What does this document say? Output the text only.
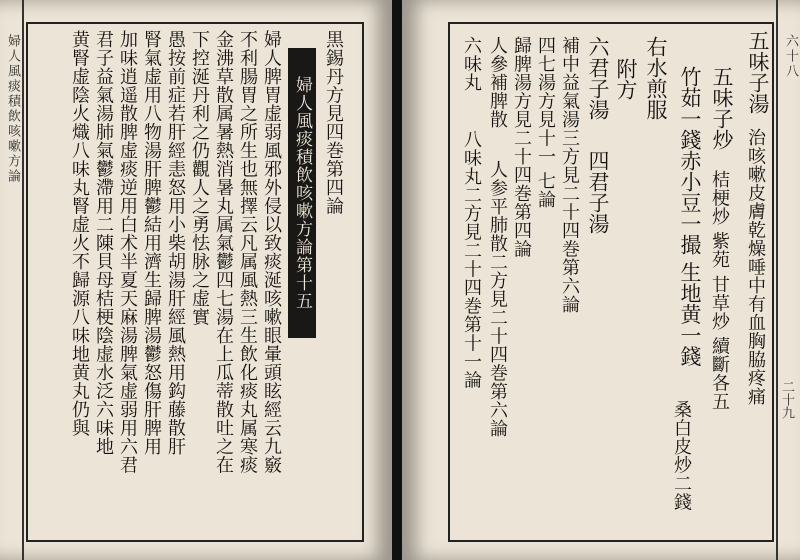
婦人風痰積飲咳嗽方論	黒錫丹方見四巻第四論
婦人風痰積飲咳嗽方論第十五
婦人脾胃虚弱風邪外侵以致痰涎咳嗽眼暈頭眩經云九竅
不利腸胃之所生也無擇云凡属風熱三生飲化痰丸属寒痰
金沸草散属暑熱消暑丸属氣鬱四七湯在上瓜蒂散吐之在
下控涎丹利之仍觀人之勇怯脉之虚實
愚按前症若肝經恚怒用小柴胡湯肝經風熱用鈎藤散肝
腎氣虚用八物湯肝脾鬱結用濟生歸脾湯鬱怒傷肝脾用
加味逍遥散脾虚痰逆用白术半夏天麻湯脾氣虚弱用六君
君子益氣湯肺氣鬱滯用二陳貝母桔梗陰虚水泛六味地
黄腎虚陰火熾八味丸腎虚火不歸源八味地黄丸仍與	六十八
五味子湯
治咳嗽皮膚乾燥唾中有血胸脇疼痛
五味子炒
桔梗炒 紫苑 甘草炒 續斷各五
竹茹一錢
赤小豆一撮 生地黄一錢
桑白皮炒二錢
右水煎服
附方
六君子湯
四君子湯
補中益氣湯三方見二十四巻第六論
四七湯方見十一 七論
歸脾湯方見二十四巻第四論
人參補脾散
人参平肺散二方見二十四巻第六論
六味丸
八味丸二方見二十四巻第十一論
二十九
